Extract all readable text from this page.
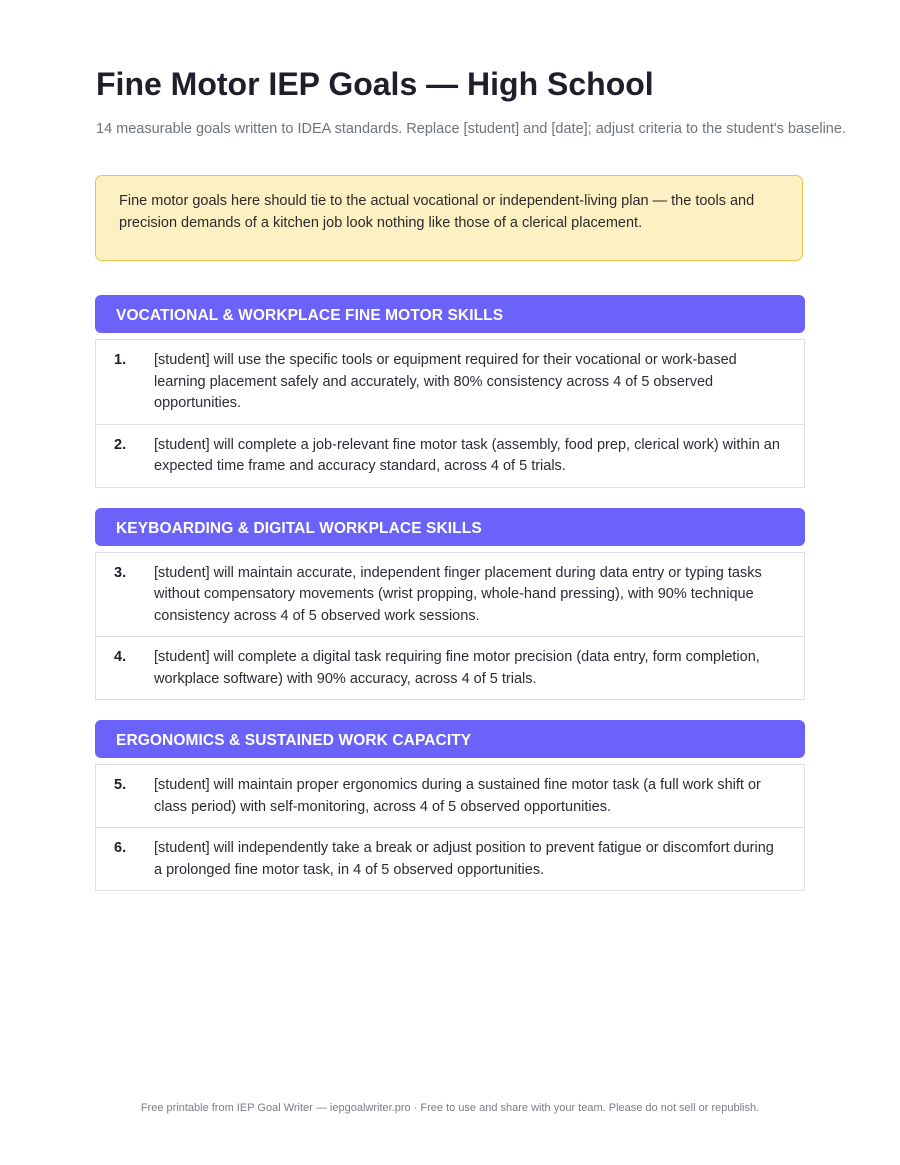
Fine Motor IEP Goals — High School

14 measurable goals written to IDEA standards. Replace [student] and [date]; adjust criteria to the student's baseline.

Fine motor goals here should tie to the actual vocational or independent-living plan — the tools and precision demands of a kitchen job look nothing like those of a clerical placement.
VOCATIONAL & WORKPLACE FINE MOTOR SKILLS
1.	[student] will use the specific tools or equipment required for their vocational or work-based learning placement safely and accurately, with 80% consistency across 4 of 5 observed opportunities.
2.	[student] will complete a job-relevant fine motor task (assembly, food prep, clerical work) within an expected time frame and accuracy standard, across 4 of 5 trials.
KEYBOARDING & DIGITAL WORKPLACE SKILLS
3.	[student] will maintain accurate, independent finger placement during data entry or typing tasks without compensatory movements (wrist propping, whole-hand pressing), with 90% technique consistency across 4 of 5 observed work sessions.
4.	[student] will complete a digital task requiring fine motor precision (data entry, form completion, workplace software) with 90% accuracy, across 4 of 5 trials.
ERGONOMICS & SUSTAINED WORK CAPACITY
5.	[student] will maintain proper ergonomics during a sustained fine motor task (a full work shift or class period) with self-monitoring, across 4 of 5 observed opportunities.
6.	[student] will independently take a break or adjust position to prevent fatigue or discomfort during a prolonged fine motor task, in 4 of 5 observed opportunities.
Free printable from IEP Goal Writer — iepgoalwriter.pro · Free to use and share with your team. Please do not sell or republish.
